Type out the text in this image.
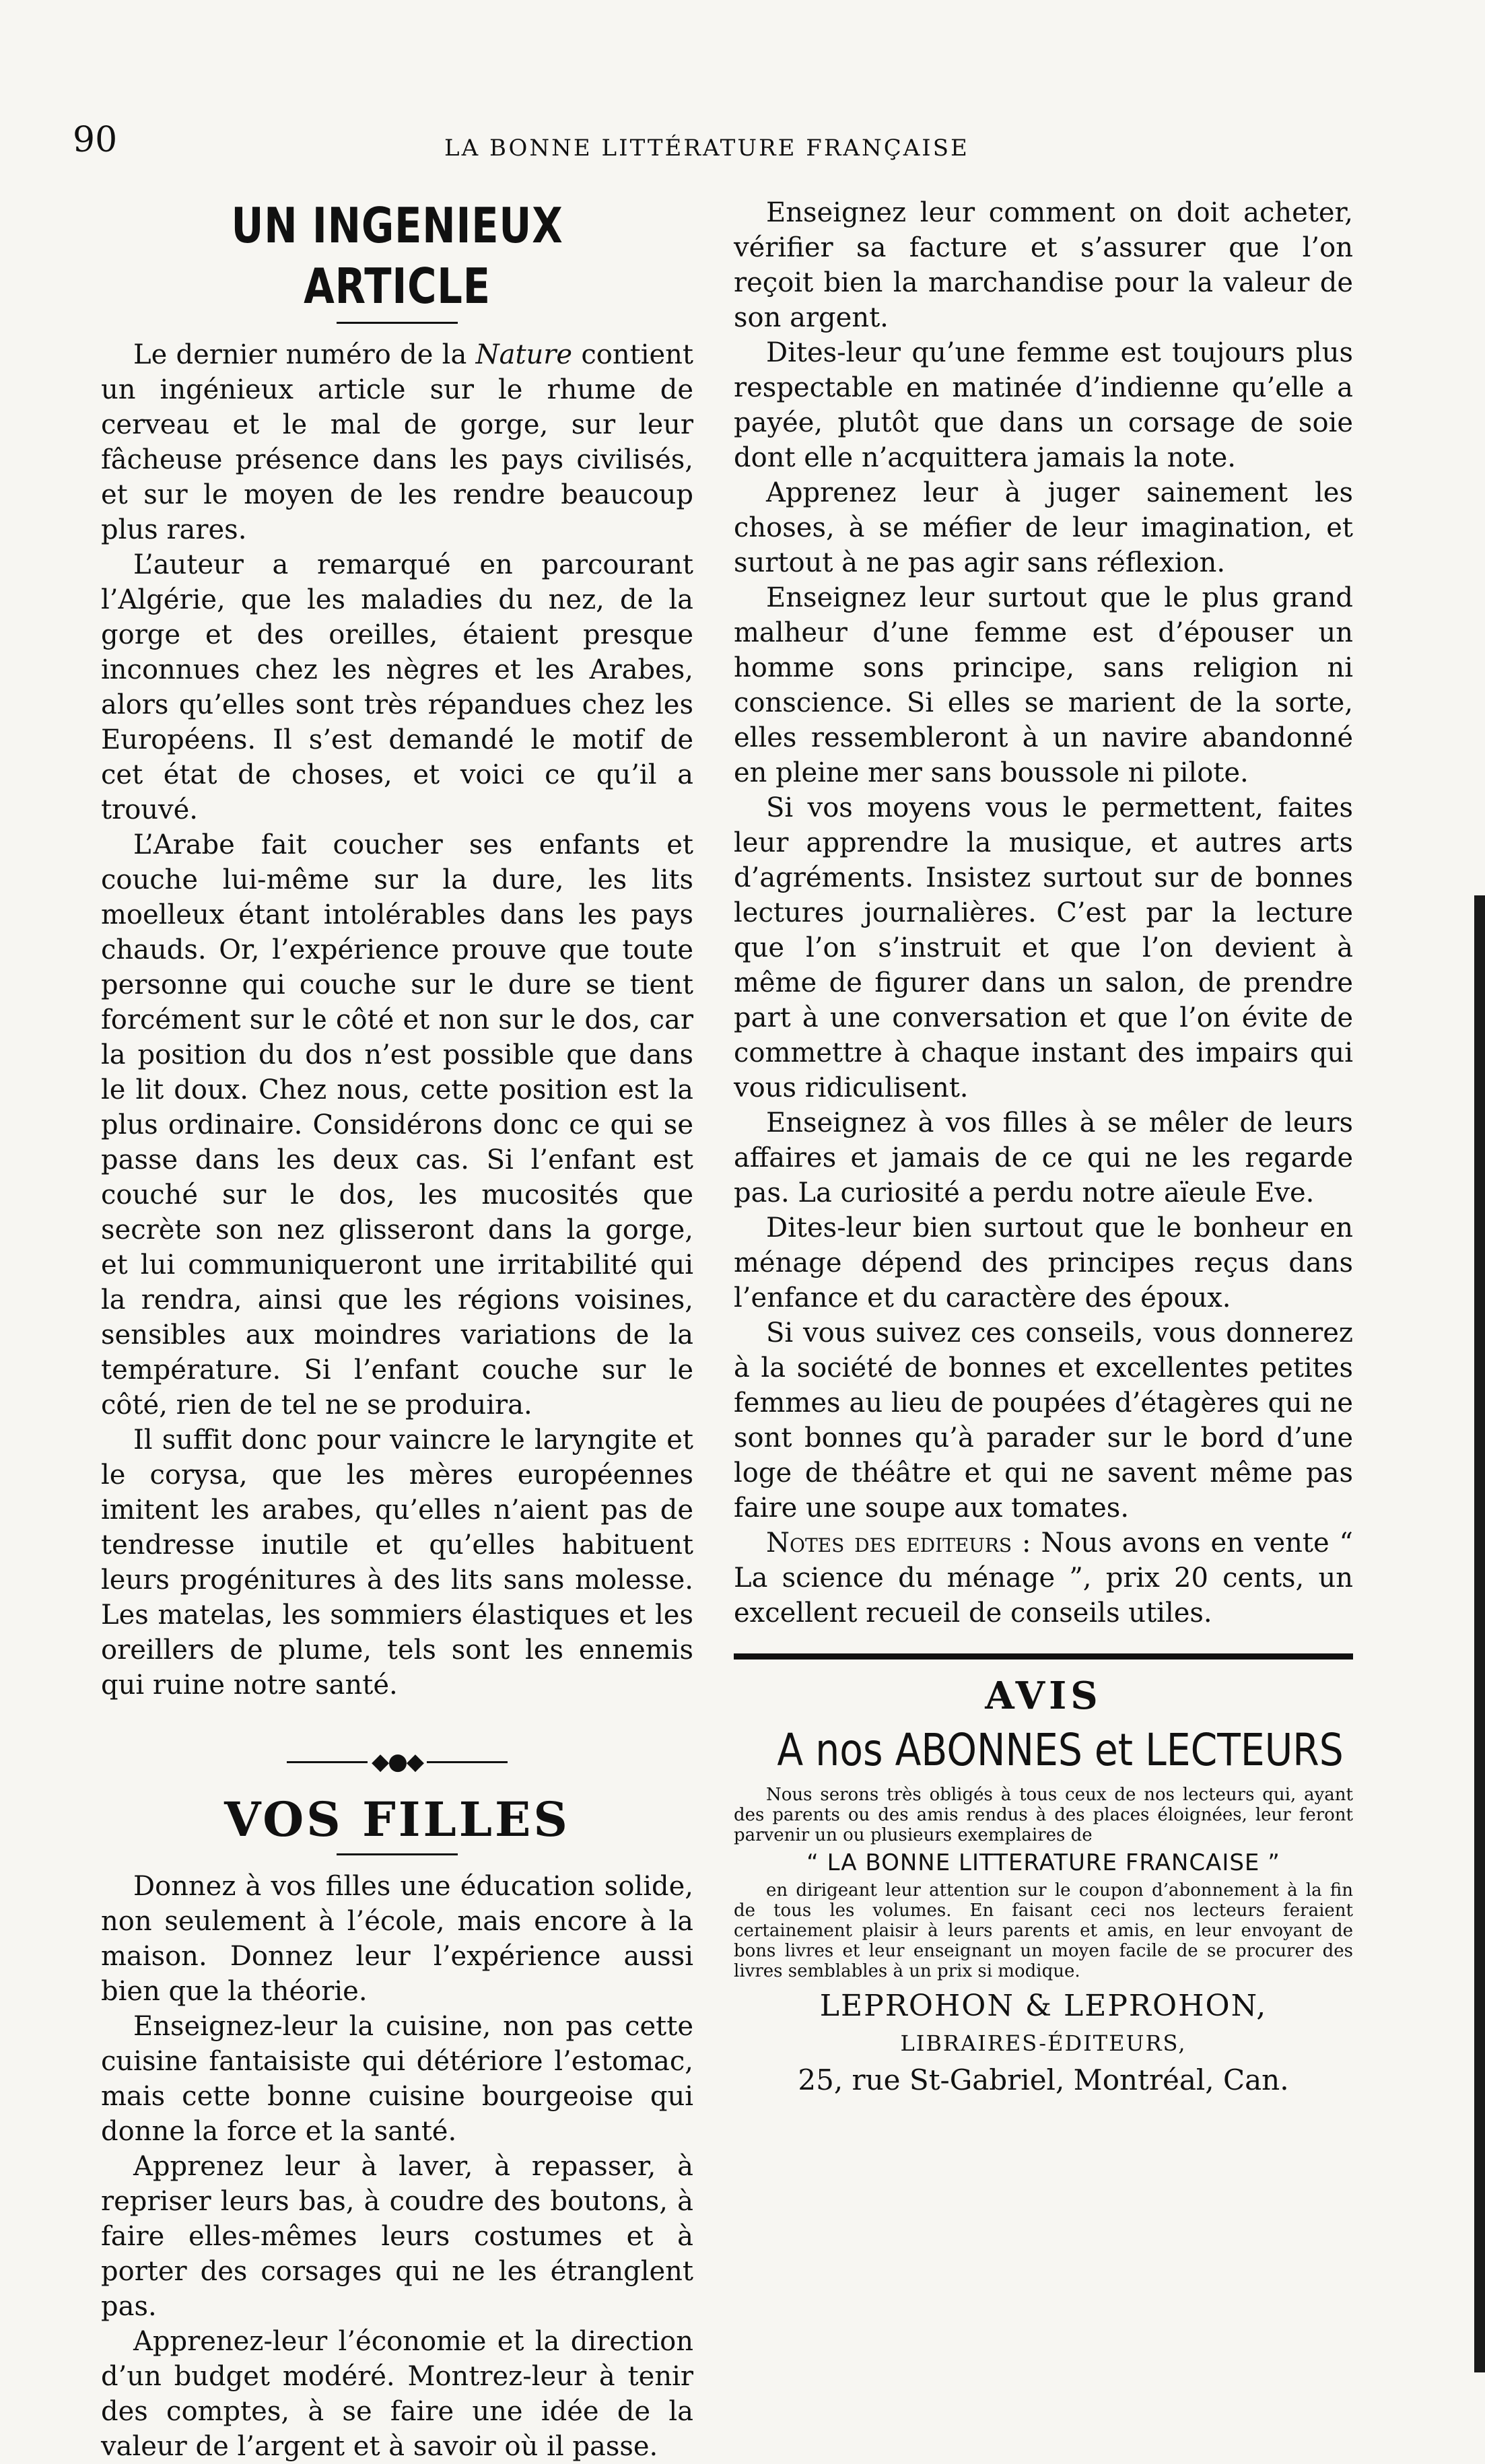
90	LA BONNE LITTÉRATURE FRANÇAISE
UN INGENIEUX ARTICLE

Le dernier numéro de la Nature contient un ingénieux article sur le rhume de cerveau et le mal de gorge, sur leur fâcheuse présence dans les pays civilisés, et sur le moyen de les rendre beaucoup plus rares.

L’auteur a remarqué en parcourant l’Algérie, que les maladies du nez, de la gorge et des oreilles, étaient presque inconnues chez les nègres et les Arabes, alors qu’elles sont très répandues chez les Européens. Il s’est demandé le motif de cet état de choses, et voici ce qu’il a trouvé.

L’Arabe fait coucher ses enfants et couche lui-même sur la dure, les lits moelleux étant intolérables dans les pays chauds. Or, l’expérience prouve que toute personne qui couche sur le dure se tient forcément sur le côté et non sur le dos, car la position du dos n’est possible que dans le lit doux. Chez nous, cette position est la plus ordinaire. Considérons donc ce qui se passe dans les deux cas. Si l’enfant est couché sur le dos, les mucosités que secrète son nez glisseront dans la gorge, et lui communiqueront une irritabilité qui la rendra, ainsi que les régions voisines, sensibles aux moindres variations de la température. Si l’enfant couche sur le côté, rien de tel ne se produira.

Il suffit donc pour vaincre le laryngite et le corysa, que les mères européennes imitent les arabes, qu’elles n’aient pas de tendresse inutile et qu’elles habituent leurs progénitures à des lits sans molesse. Les matelas, les sommiers élastiques et les oreillers de plume, tels sont les ennemis qui ruine notre santé.

◆●◆
VOS FILLES

Donnez à vos filles une éducation solide, non seulement à l’école, mais encore à la maison. Donnez leur l’expérience aussi bien que la théorie.

Enseignez-leur la cuisine, non pas cette cuisine fantaisiste qui détériore l’estomac, mais cette bonne cuisine bourgeoise qui donne la force et la santé.

Apprenez leur à laver, à repasser, à repriser leurs bas, à coudre des boutons, à faire elles-mêmes leurs costumes et à porter des corsages qui ne les étranglent pas.

Apprenez-leur l’économie et la direction d’un budget modéré. Montrez-leur à tenir des comptes, à se faire une idée de la valeur de l’argent et à savoir où il passe.

Enseignez leur comment on doit acheter, vérifier sa facture et s’assurer que l’on reçoit bien la marchandise pour la valeur de son argent.

Dites-leur qu’une femme est toujours plus respectable en matinée d’indienne qu’elle a payée, plutôt que dans un corsage de soie dont elle n’acquittera jamais la note.

Apprenez leur à juger sainement les choses, à se méfier de leur imagination, et surtout à ne pas agir sans réflexion.

Enseignez leur surtout que le plus grand malheur d’une femme est d’épouser un homme sons principe, sans religion ni conscience. Si elles se marient de la sorte, elles ressembleront à un navire abandonné en pleine mer sans boussole ni pilote.

Si vos moyens vous le permettent, faites leur apprendre la musique, et autres arts d’agréments. Insistez surtout sur de bonnes lectures journalières. C’est par la lecture que l’on s’instruit et que l’on devient à même de figurer dans un salon, de prendre part à une conversation et que l’on évite de commettre à chaque instant des impairs qui vous ridiculisent.

Enseignez à vos filles à se mêler de leurs affaires et jamais de ce qui ne les regarde pas. La curiosité a perdu notre aïeule Eve.

Dites-leur bien surtout que le bonheur en ménage dépend des principes reçus dans l’enfance et du caractère des époux.

Si vous suivez ces conseils, vous donnerez à la société de bonnes et excellentes petites femmes au lieu de poupées d’étagères qui ne sont bonnes qu’à parader sur le bord d’une loge de théâtre et qui ne savent même pas faire une soupe aux tomates.

Notes des editeurs : Nous avons en vente “ La science du ménage ”, prix 20 cents, un excellent recueil de conseils utiles.

AVIS
A nos ABONNES et LECTEURS

Nous serons très obligés à tous ceux de nos lecteurs qui, ayant des parents ou des amis rendus à des places éloignées, leur feront parvenir un ou plusieurs exemplaires de

“ LA BONNE LITTERATURE FRANCAISE ”

en dirigeant leur attention sur le coupon d’abonnement à la fin de tous les volumes. En faisant ceci nos lecteurs feraient certainement plaisir à leurs parents et amis, en leur envoyant de bons livres et leur enseignant un moyen facile de se procurer des livres semblables à un prix si modique.

LEPROHON & LEPROHON,
LIBRAIRES-ÉDITEURS,
25, rue St-Gabriel, Montréal, Can.
